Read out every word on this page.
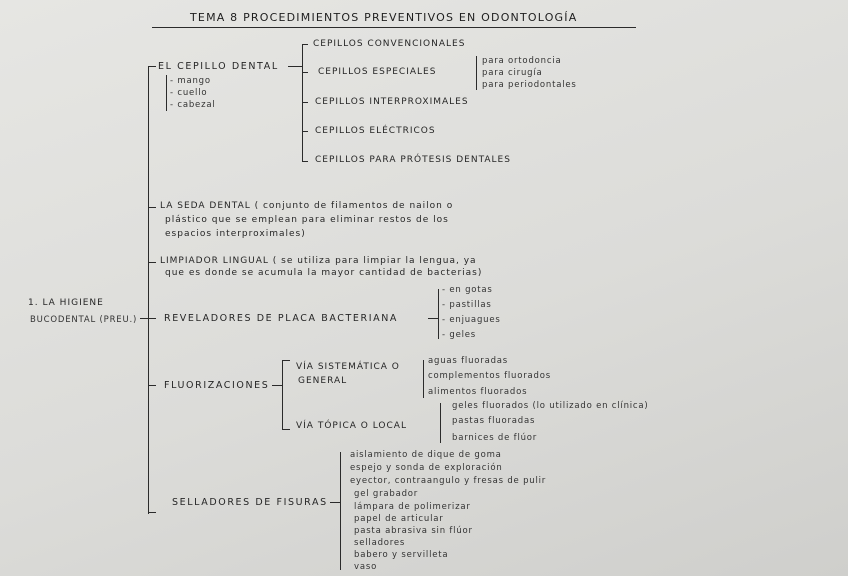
TEMA 8 PROCEDIMIENTOS PREVENTIVOS EN ODONTOLOGÍA
1. LA HIGIENE
BUCODENTAL (PREU.)
EL CEPILLO DENTAL
- mango
- cuello
- cabezal
CEPILLOS CONVENCIONALES
CEPILLOS ESPECIALES
CEPILLOS INTERPROXIMALES
CEPILLOS ELÉCTRICOS
CEPILLOS PARA PRÓTESIS DENTALES
para ortodoncia
para cirugía
para periodontales
LA SEDA DENTAL ( conjunto de filamentos de nailon o
plástico que se emplean para eliminar restos de los
espacios interproximales)
LIMPIADOR LINGUAL ( se utiliza para limpiar la lengua, ya
que es donde se acumula la mayor cantidad de bacterias)
REVELADORES DE PLACA BACTERIANA
- en gotas
- pastillas
- enjuagues
- geles
FLUORIZACIONES
VÍA SISTEMÁTICA O
GENERAL
aguas fluoradas
complementos fluorados
alimentos fluorados
VÍA TÓPICA O LOCAL
geles fluorados (lo utilizado en clínica)
pastas fluoradas
barnices de flúor
SELLADORES DE FISURAS
aislamiento de dique de goma
espejo y sonda de exploración
eyector, contraangulo y fresas de pulir
gel grabador
lámpara de polimerizar
papel de articular
pasta abrasiva sin flúor
selladores
babero y servilleta
vaso
